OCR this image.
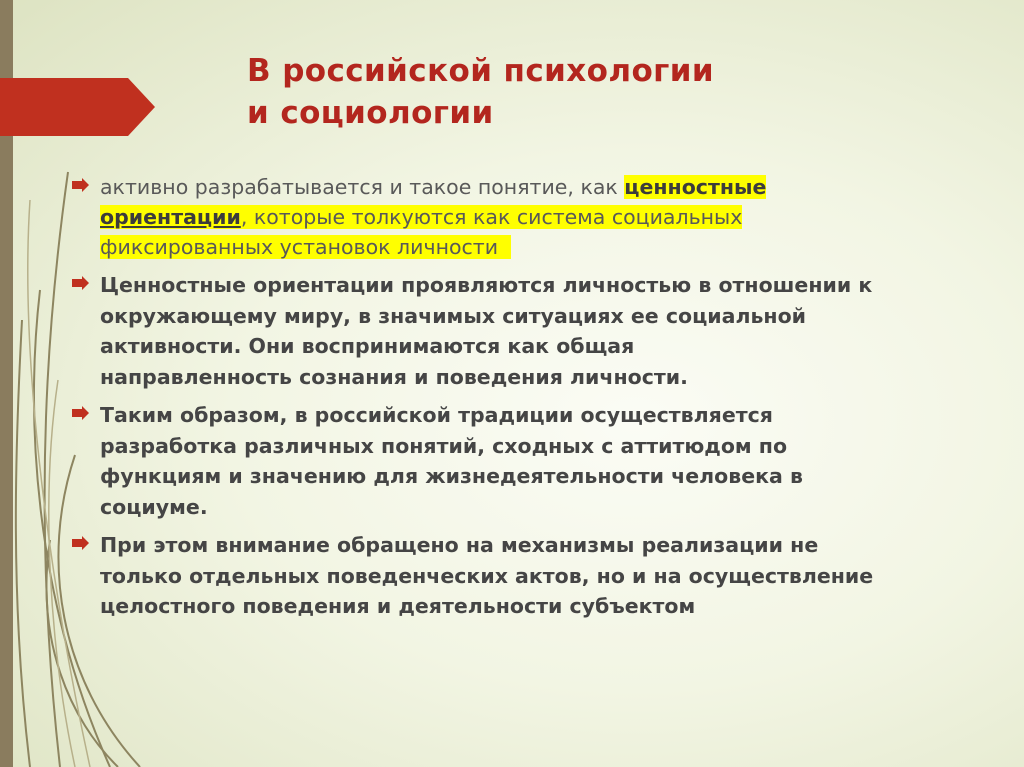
В российской психологии
и социологии
активно разрабатывается и такое понятие, как ценностные
ориентации, которые толкуются как система социальных
фиксированных установок личности
Ценностные ориентации проявляются личностью в отношении к
окружающему миру, в значимых ситуациях ее социальной
активности. Они воспринимаются как общая
направленность сознания и поведения личности.
Таким образом, в российской традиции осуществляется
разработка различных понятий, сходных с аттитюдом по
функциям и значению для жизнедеятельности человека в
социуме.
При этом внимание обращено на механизмы реализации не
только отдельных поведенческих актов, но и на осуществление
целостного поведения и деятельности субъектом
